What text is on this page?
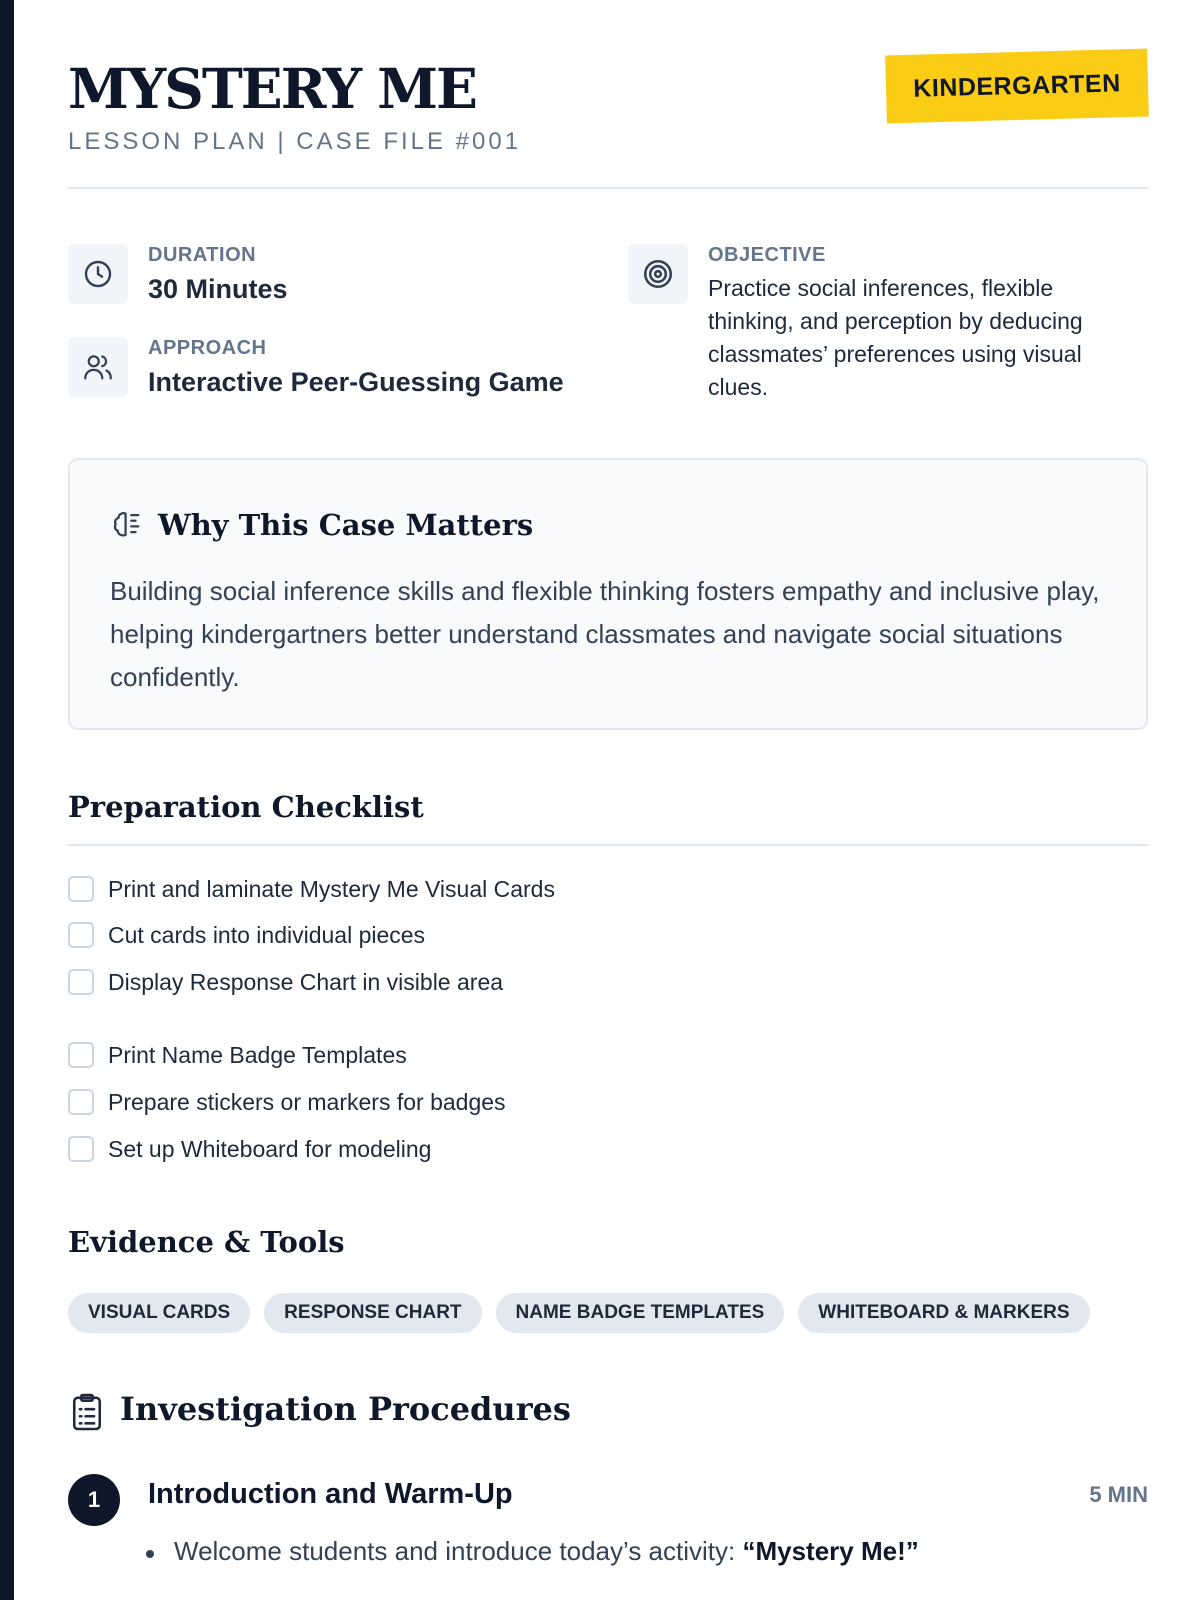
MYSTERY ME
LESSON PLAN | CASE FILE #001
KINDERGARTEN
DURATION
30 Minutes
APPROACH
Interactive Peer-Guessing Game
OBJECTIVE
Practice social inferences, flexible thinking, and perception by deducing classmates’ preferences using visual clues.
Why This Case Matters
Building social inference skills and flexible thinking fosters empathy and inclusive play, helping kindergartners better understand classmates and navigate social situations confidently.
Preparation Checklist
Print and laminate Mystery Me Visual Cards
Cut cards into individual pieces
Display Response Chart in visible area
Print Name Badge Templates
Prepare stickers or markers for badges
Set up Whiteboard for modeling
Evidence & Tools
VISUAL CARDS	RESPONSE CHART	NAME BADGE TEMPLATES	WHITEBOARD & MARKERS
Investigation Procedures
1	Introduction and Warm-Up	5 MIN
Welcome students and introduce today’s activity: “Mystery Me!”
